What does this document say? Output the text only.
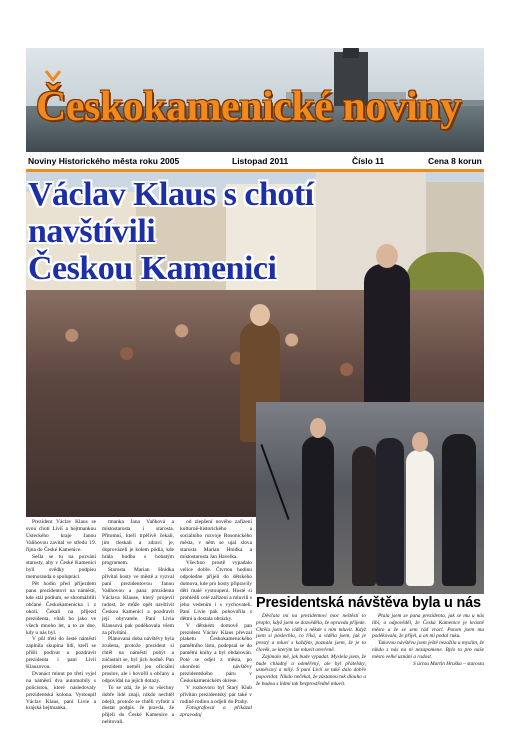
Českokamenické noviny
Noviny Historického města roku 2005	Listopad 2011	Číslo 11	Cena 8 korun
Václav Klaus s chotí
navštívili
Českou Kamenici

Prezident Václav Klaus se svou chotí Livií a hejtmankou Ústeckého kraje Janou Vaňhovou zavítal ve středu 19. října do České Kamenice.

Sešla se tu na pozvání starosty, aby v České Kamenici byli svědky podpisu memoranda o spolupráci.

Pět hodin před příjezdem panu prezidentovi na náměstí, kde stál pódium, se shromáždili občané Českokamenicka i z okolí. Čekali na příjezd prezidenta, vítali ho jako ve všech mnoho let, a to ze dne, kdy u nás byl.

V půl třetí do šesté náměstí zaplnila skupina lidí, kteří se přišli podívat a pozdravit prezidenta i paní Livii Klausovou.

Dvanáct minut po třetí vyjel na náměstí dva automobily s policistou, které následovaly prezidentská kolona. Vystoupil Václav Klaus, paní Livie a krajská hejtmanka.

tmanka Jana Vaňhová a místostarosta i starosta. Přítomní, kteří trpělivě čekali, jim tleskali a zdraví je, doprovázeli je kolem pódia, kde hrála hudba s bohatým programem.

Starosta Marian Hnidka přivítal hosty ve městě a vyzval paní prezidentovou Janou Vaňhovou a pana prezidenta Václava Klause, který projevil radost, že může opět navštívit Českou Kamenici a pozdravit její obyvatele. Paní Livia Klausová pak poděkovala všem za přivítání.

Plánovaná doba návštěvy byla zrušena, protože prezident si chtěl na náměstí pobýt a zúčastnit se, byl jich hodně. Pan prezident neměl jen oficiální proslov, ale i hovořil s občany a odpovídal na jejich dotazy.

To se zdá, že je tu všechny dobře lidé znají, nikdo nechtěl odejít, protože se chtěli vyfotit a dostat podpis. Je pravda, že přijeli do České Kamenice a nelitovali.

od zlepšení nového zařízení kulturně-historického a sociálního rozvoje Rosonického města, v něm se ujal slova starosta Marian Hnidka a místostarosta Jan Havelka.

Všechno prostě vypadalo velice dobře. Čtvrtou hodinu odpoledne přijeli do dětského domova, kde pro hosty připravily děti malé vystoupení. Hosté si prohlédli celé zařízení a mluvili s jeho vedením i s vychovateli. Paní Livie pak pohovořila s dětmi a dostala obrázky.

V dětském domově pan prezident Václav Klaus převzal plaketu Českokamenického pamětního listu, podepsal se do pamětní knihy a byl obdarován. Poté se odjel z města, po ukončení návštěvy prezidentského páru v Českokamenickém okrese.

V rozhovoru byl Starý Klub přivítán prezidentský pár také v rodině rodinu a odjeli do Prahy.

Fotografoval a přikázal zpravodaj

Presidentská návštěva byla u nás

Děvčata mi na prezidentovi moc neštěstí to proplo, když jsem se dozvěděla, že opravdu přijede. Chtěla jsem ho vidět a někde s ním mluvit. Když jsem si poslechla, co říká, a viděla jsem, jak je prostý a mluví s každým, poznala jsem, že je to člověk, se kterým lze mluvit otevřeně.

Zajímalo mě, jak bude vypadat. Myslela jsem, že bude chladný a odměřený, ale byl přátelský, usměvavý a milý. S paní Livií se také dalo dobře popovídat. Nikdo nečekal, že zůstanou tak dlouho a že budou s lidmi tak bezprostředně mluvit.

Ptala jsem se pana prezidenta, jak se mu u nás líbí, a odpověděl, že Česká Kamenice je krásné město a že se sem rád vrací. Potom jsem mu poděkovala, že přijel, a on mi podal ruku.

Takovou návštěvu jsem ještě nezažila a myslím, že nikdo z nás na ni nezapomene. Bylo to pro naše město velké uznání a radost.

S úctou Martin Hruška – starosta
